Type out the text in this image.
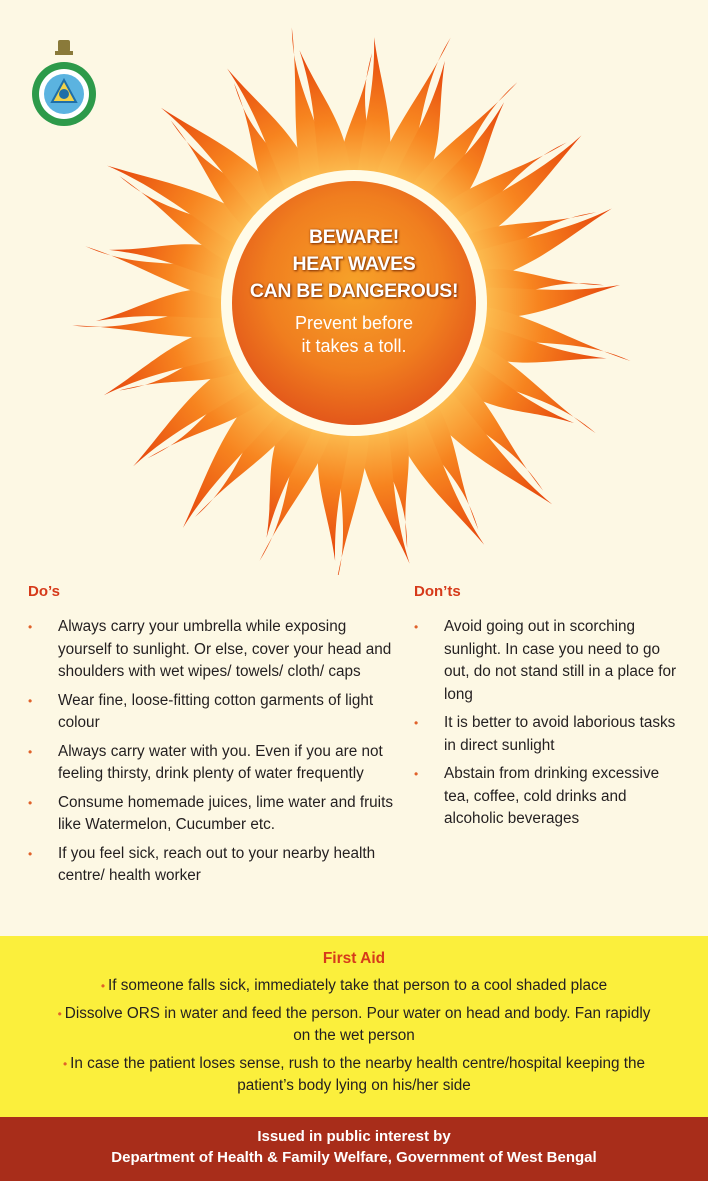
BEWARE!
HEAT WAVES
CAN BE DANGEROUS!
Prevent before
it takes a toll.
Do’s
• Always carry your umbrella while exposing yourself to sunlight. Or else, cover your head and shoulders with wet wipes/ towels/ cloth/ caps
• Wear fine, loose-fitting cotton garments of light colour
• Always carry water with you. Even if you are not feeling thirsty, drink plenty of water frequently
• Consume homemade juices, lime water and fruits like Watermelon, Cucumber etc.
• If you feel sick, reach out to your nearby health centre/ health worker
Don’ts
• Avoid going out in scorching sunlight. In case you need to go out, do not stand still in a place for long
• It is better to avoid laborious tasks in direct sunlight
• Abstain from drinking excessive tea, coffee, cold drinks and alcoholic beverages
First Aid

• If someone falls sick, immediately take that person to a cool shaded place

• Dissolve ORS in water and feed the person. Pour water on head and body. Fan rapidly on the wet person

• In case the patient loses sense, rush to the nearby health centre/hospital keeping the patient’s body lying on his/her side

Issued in public interest by
Department of Health & Family Welfare, Government of West Bengal
